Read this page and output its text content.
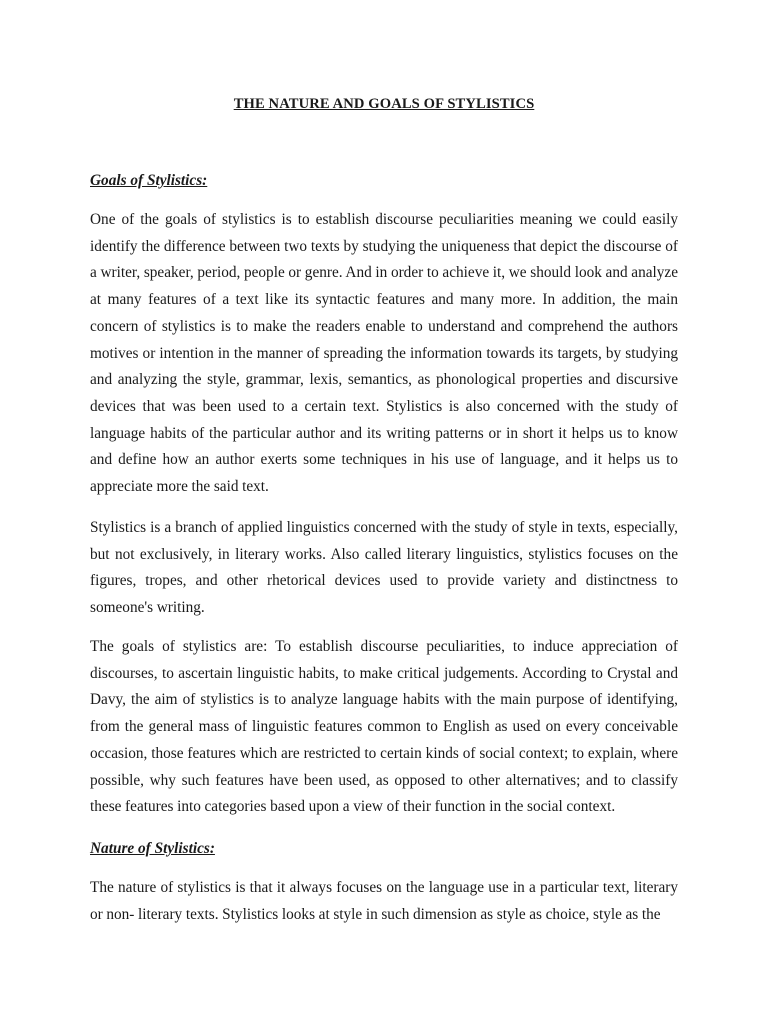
THE NATURE AND GOALS OF STYLISTICS
Goals of Stylistics:

One of the goals of stylistics is to establish discourse peculiarities meaning we could easily identify the difference between two texts by studying the uniqueness that depict the discourse of a writer, speaker, period, people or genre. And in order to achieve it, we should look and analyze at many features of a text like its syntactic features and many more. In addition, the main concern of stylistics is to make the readers enable to understand and comprehend the authors motives or intention in the manner of spreading the information towards its targets, by studying and analyzing the style, grammar, lexis, semantics, as phonological properties and discursive devices that was been used to a certain text. Stylistics is also concerned with the study of language habits of the particular author and its writing patterns or in short it helps us to know and define how an author exerts some techniques in his use of language, and it helps us to appreciate more the said text.

Stylistics is a branch of applied linguistics concerned with the study of style in texts, especially, but not exclusively, in literary works. Also called literary linguistics, stylistics focuses on the figures, tropes, and other rhetorical devices used to provide variety and distinctness to someone's writing.

The goals of stylistics are: To establish discourse peculiarities, to induce appreciation of discourses, to ascertain linguistic habits, to make critical judgements. According to Crystal and Davy, the aim of stylistics is to analyze language habits with the main purpose of identifying, from the general mass of linguistic features common to English as used on every conceivable occasion, those features which are restricted to certain kinds of social context; to explain, where possible, why such features have been used, as opposed to other alternatives; and to classify these features into categories based upon a view of their function in the social context.

Nature of Stylistics:

The nature of stylistics is that it always focuses on the language use in a particular text, literary or non- literary texts. Stylistics looks at style in such dimension as style as choice, style as the
